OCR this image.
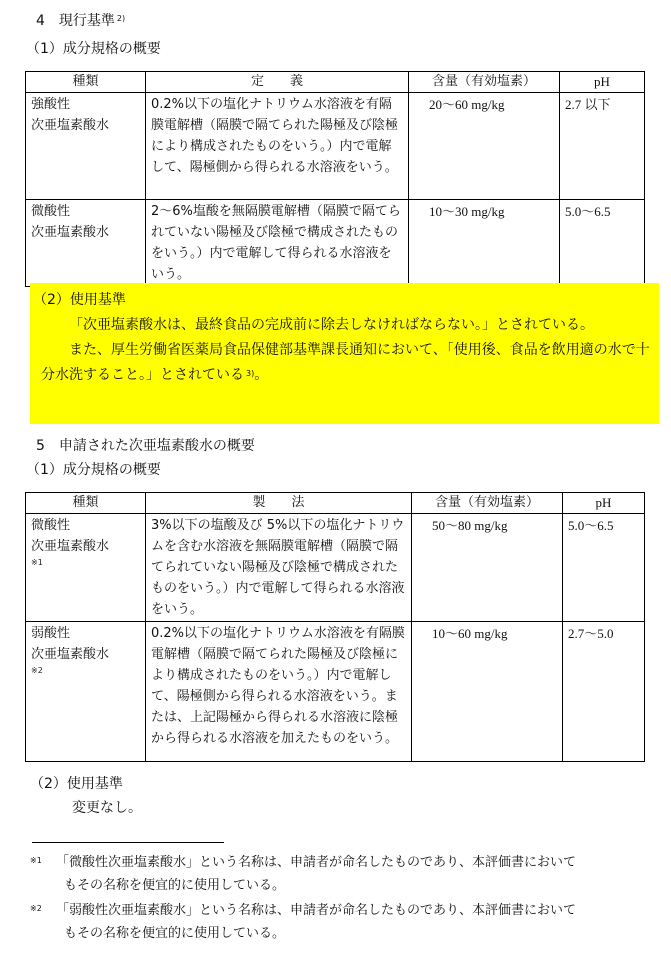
4　現行基準 $^{2)}$
（1）成分規格の概要
種類	定　　義	含量（有効塩素）	pH

強酸性
次亜塩素酸水	0.2%以下の塩化ナトリウム水溶液を有隔膜電解槽（隔膜で隔てられた陽極及び陰極により構成されたものをいう。）内で電解して、陽極側から得られる水溶液をいう。	20〜60 mg/kg	2.7 以下

微酸性
次亜塩素酸水	2〜6%塩酸を無隔膜電解槽（隔膜で隔てられていない陽極及び陰極で構成されたものをいう。）内で電解して得られる水溶液をいう。	10〜30 mg/kg	5.0〜6.5
（2）使用基準
「次亜塩素酸水は、最終食品の完成前に除去しなければならない。」とされている。
また、厚生労働省医薬局食品保健部基準課長通知において、「使用後、食品を飲用適の水で十分水洗すること。」とされている $^{3)}$。
5　申請された次亜塩素酸水の概要
（1）成分規格の概要
種類	製　　法	含量（有効塩素）	pH

微酸性
次亜塩素酸水
※1	3%以下の塩酸及び 5%以下の塩化ナトリウムを含む水溶液を無隔膜電解槽（隔膜で隔てられていない陽極及び陰極で構成されたものをいう。）内で電解して得られる水溶液をいう。	50〜80 mg/kg	5.0〜6.5

弱酸性
次亜塩素酸水
※2	0.2%以下の塩化ナトリウム水溶液を有隔膜電解槽（隔膜で隔てられた陽極及び陰極により構成されたものをいう。）内で電解して、陽極側から得られる水溶液をいう。または、上記陽極から得られる水溶液に陰極から得られる水溶液を加えたものをいう。	10〜60 mg/kg	2.7〜5.0
（2）使用基準
変更なし。
※1	「微酸性次亜塩素酸水」という名称は、申請者が命名したものであり、本評価書において
もその名称を便宜的に使用している。
※2	「弱酸性次亜塩素酸水」という名称は、申請者が命名したものであり、本評価書において
もその名称を便宜的に使用している。
